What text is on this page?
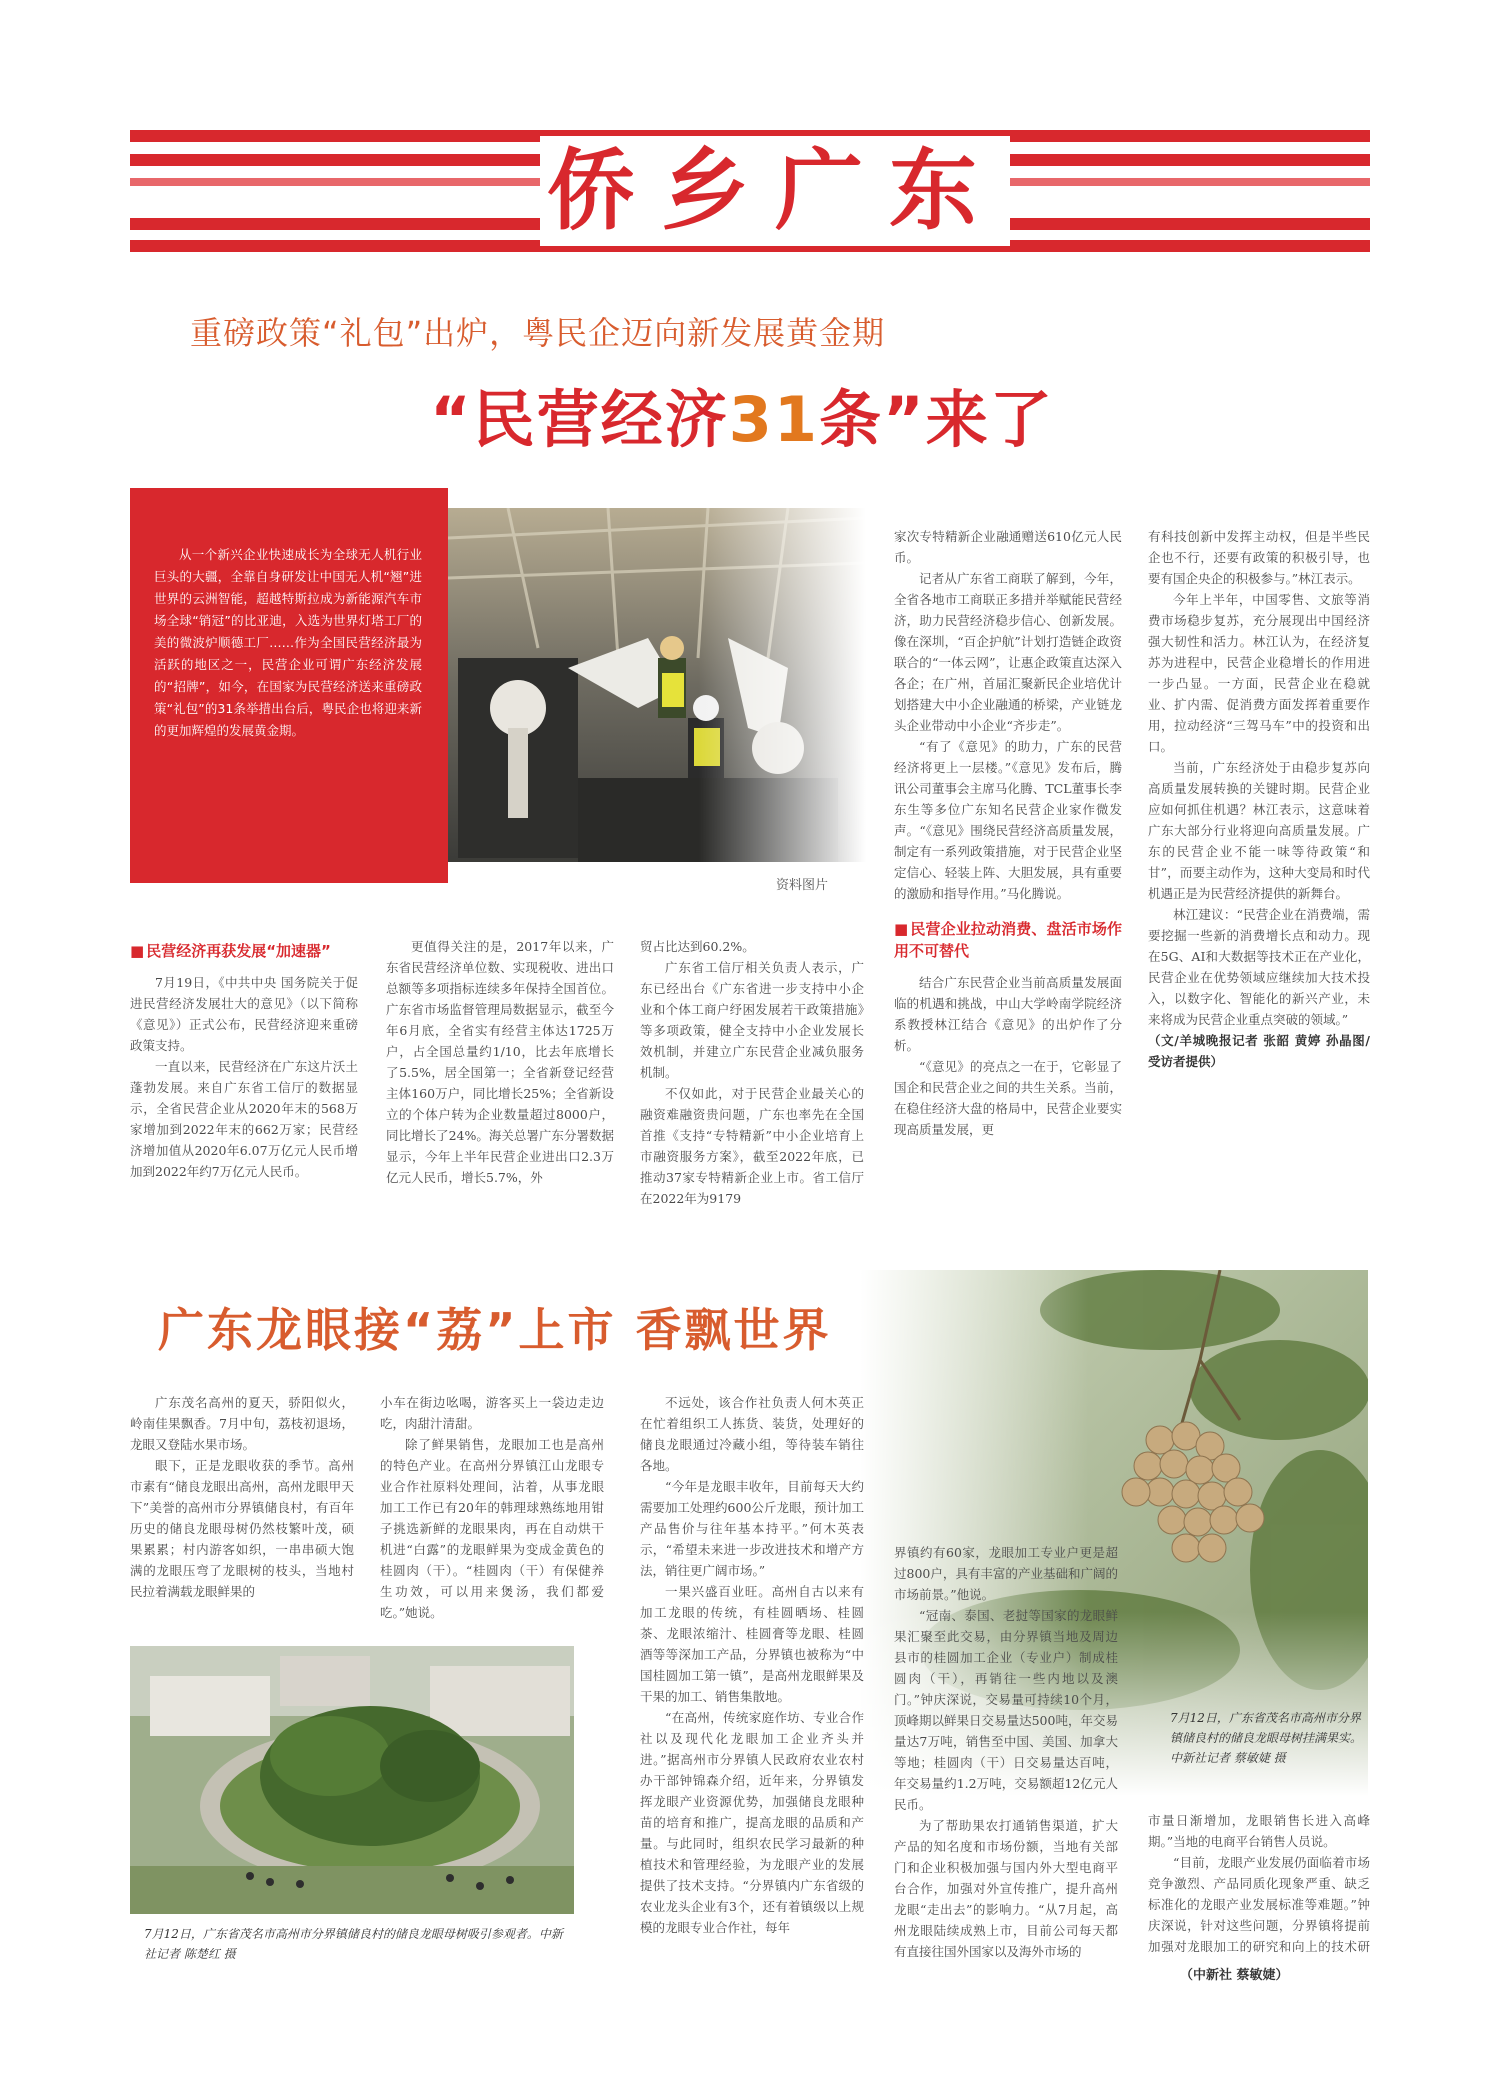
侨乡广东
重磅政策“礼包”出炉，粤民企迈向新发展黄金期
“民营经济31条”来了

从一个新兴企业快速成长为全球无人机行业巨头的大疆，全靠自身研发让中国无人机“翘”进世界的云洲智能，超越特斯拉成为新能源汽车市场全球“销冠”的比亚迪，入选为世界灯塔工厂的美的微波炉顺德工厂……作为全国民营经济最为活跃的地区之一，民营企业可谓广东经济发展的“招牌”，如今，在国家为民营经济送来重磅政策“礼包”的31条举措出台后，粤民企也将迎来新的更加辉煌的发展黄金期。

资料图片
■ 民营经济再获发展“加速器”

7月19日，《中共中央 国务院关于促进民营经济发展壮大的意见》（以下简称《意见》）正式公布，民营经济迎来重磅政策支持。

一直以来，民营经济在广东这片沃土蓬勃发展。来自广东省工信厅的数据显示，全省民营企业从2020年末的568万家增加到2022年末的662万家；民营经济增加值从2020年6.07万亿元人民币增加到2022年约7万亿元人民币。

更值得关注的是，2017年以来，广东省民营经济单位数、实现税收、进出口总额等多项指标连续多年保持全国首位。广东省市场监督管理局数据显示，截至今年6月底，全省实有经营主体达1725万户，占全国总量约1/10，比去年底增长了5.5%，居全国第一；全省新登记经营主体160万户，同比增长25%；全省新设立的个体户转为企业数量超过8000户，同比增长了24%。海关总署广东分署数据显示，今年上半年民营企业进出口2.3万亿元人民币，增长5.7%，外

贸占比达到60.2%。

广东省工信厅相关负责人表示，广东已经出台《广东省进一步支持中小企业和个体工商户纾困发展若干政策措施》等多项政策，健全支持中小企业发展长效机制，并建立广东民营企业减负服务机制。

不仅如此，对于民营企业最关心的融资难融资贵问题，广东也率先在全国首推《支持“专特精新”中小企业培育上市融资服务方案》，截至2022年底，已推动37家专特精新企业上市。省工信厅在2022年为9179

家次专特精新企业融通赠送610亿元人民币。

记者从广东省工商联了解到，今年，全省各地市工商联正多措并举赋能民营经济，助力民营经济稳步信心、创新发展。像在深圳，“百企护航”计划打造链企政资联合的“一体云网”，让惠企政策直达深入各企；在广州，首届汇聚新民企业培优计划搭建大中小企业融通的桥梁，产业链龙头企业带动中小企业“齐步走”。

“有了《意见》的助力，广东的民营经济将更上一层楼。”《意见》发布后，腾讯公司董事会主席马化腾、TCL董事长李东生等多位广东知名民营企业家作微发声。“《意见》围绕民营经济高质量发展，制定有一系列政策措施，对于民营企业坚定信心、轻装上阵、大胆发展，具有重要的激励和指导作用。”马化腾说。

■ 民营企业拉动消费、盘活市场作用不可替代

结合广东民营企业当前高质量发展面临的机遇和挑战，中山大学岭南学院经济系教授林江结合《意见》的出炉作了分析。

“《意见》的亮点之一在于，它彰显了国企和民营企业之间的共生关系。当前，在稳住经济大盘的格局中，民营企业要实现高质量发展，更

有科技创新中发挥主动权，但是半些民企也不行，还要有政策的积极引导，也要有国企央企的积极参与。”林江表示。

今年上半年，中国零售、文旅等消费市场稳步复苏，充分展现出中国经济强大韧性和活力。林江认为，在经济复苏为进程中，民营企业稳增长的作用进一步凸显。一方面，民营企业在稳就业、扩内需、促消费方面发挥着重要作用，拉动经济“三驾马车”中的投资和出口。

当前，广东经济处于由稳步复苏向高质量发展转换的关键时期。民营企业应如何抓住机遇？林江表示，这意味着广东大部分行业将迎向高质量发展。广东的民营企业不能一味等待政策“和甘”，而要主动作为，这种大变局和时代机遇正是为民营经济提供的新舞台。

林江建议：“民营企业在消费端，需要挖掘一些新的消费增长点和动力。现在5G、AI和大数据等技术正在产业化，民营企业在优势领域应继续加大技术投入，以数字化、智能化的新兴产业，未来将成为民营企业重点突破的领域。”

（文/羊城晚报记者 张韶 黄婷 孙晶图/受访者提供）

广东龙眼接“荔”上市 香飘世界

广东茂名高州的夏天，骄阳似火，岭南佳果飘香。7月中旬，荔枝初退场，龙眼又登陆水果市场。

眼下，正是龙眼收获的季节。高州市素有“储良龙眼出高州，高州龙眼甲天下”美誉的高州市分界镇储良村，有百年历史的储良龙眼母树仍然枝繁叶茂，硕果累累；村内游客如织，一串串硕大饱满的龙眼压弯了龙眼树的枝头，当地村民拉着满载龙眼鲜果的

小车在街边吆喝，游客买上一袋边走边吃，肉甜汁清甜。

除了鲜果销售，龙眼加工也是高州的特色产业。在高州分界镇江山龙眼专业合作社原料处理间，沾着，从事龙眼加工工作已有20年的韩理球熟练地用钳子挑选新鲜的龙眼果肉，再在自动烘干机进“白露”的龙眼鲜果为变成金黄色的桂圆肉（干）。“桂圆肉（干）有保健养生功效，可以用来煲汤，我们都爱吃。”她说。

7月12日，广东省茂名市高州市分界镇储良村的储良龙眼母树吸引参观者。中新社记者 陈楚红 摄

不远处，该合作社负责人何木英正在忙着组织工人拣货、装货，处理好的储良龙眼通过冷藏小组，等待装车销往各地。

“今年是龙眼丰收年，目前每天大约需要加工处理约600公斤龙眼，预计加工产品售价与往年基本持平。”何木英表示，“希望未来进一步改进技术和增产方法，销往更广阔市场。”

一果兴盛百业旺。高州自古以来有加工龙眼的传统，有桂圆晒场、桂圆茶、龙眼浓缩汁、桂圆膏等龙眼、桂圆酒等等深加工产品，分界镇也被称为“中国桂圆加工第一镇”，是高州龙眼鲜果及干果的加工、销售集散地。

“在高州，传统家庭作坊、专业合作社以及现代化龙眼加工企业齐头并进。”据高州市分界镇人民政府农业农村办干部钟锦森介绍，近年来，分界镇发挥龙眼产业资源优势，加强储良龙眼种苗的培育和推广，提高龙眼的品质和产量。与此同时，组织农民学习最新的种植技术和管理经验，为龙眼产业的发展提供了技术支持。“分界镇内广东省级的农业龙头企业有3个，还有着镇级以上规模的龙眼专业合作社，每年

界镇约有60家，龙眼加工专业户更是超过800户，具有丰富的产业基础和广阔的市场前景。”他说。

“冠南、泰国、老挝等国家的龙眼鲜果汇聚至此交易，由分界镇当地及周边县市的桂圆加工企业（专业户）制成桂圆肉（干），再销往一些内地以及澳门。”钟庆深说，交易量可持续10个月，顶峰期以鲜果日交易量达500吨，年交易量达7万吨，销售至中国、美国、加拿大等地；桂圆肉（干）日交易量达百吨，年交易量约1.2万吨，交易额超12亿元人民币。

为了帮助果农打通销售渠道，扩大产品的知名度和市场份额，当地有关部门和企业积极加强与国内外大型电商平台合作，加强对外宣传推广，提升高州龙眼“走出去”的影响力。“从7月起，高州龙眼陆续成熟上市，目前公司每天都有直接往国外国家以及海外市场的

7月12日，广东省茂名市高州市分界镇储良村的储良龙眼母树挂满果实。中新社记者 蔡敏婕 摄

市量日渐增加，龙眼销售长进入高峰期。”当地的电商平台销售人员说。

“目前，龙眼产业发展仍面临着市场竞争激烈、产品同质化现象严重、缺乏标准化的龙眼产业发展标准等难题。”钟庆深说，针对这些问题，分界镇将提前加强对龙眼加工的研究和向上的技术研

（中新社 蔡敏婕）
